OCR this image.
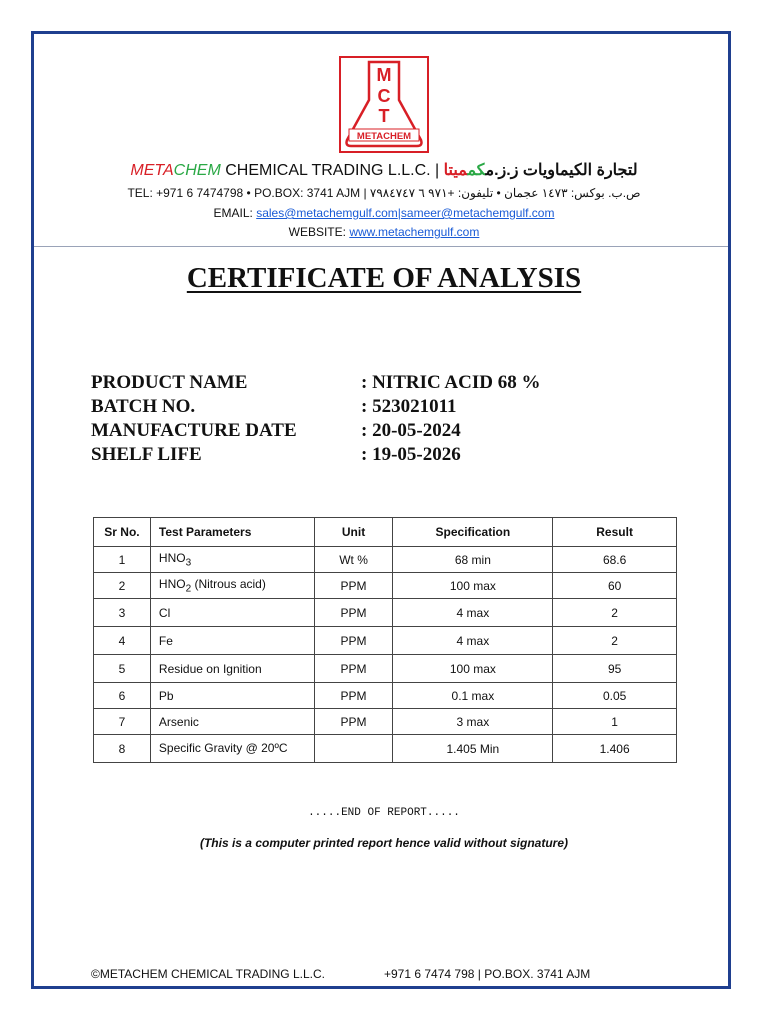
M
C
T
METACHEM
METACHEM CHEMICAL TRADING L.L.C. |	لتجارة الكيماويات ز.ز.مكمميتا
TEL: +971 6 7474798 • PO.BOX: 3741 AJM | ص.ب. بوكس: ١٤٧٣ عجمان • تليفون: +٩٧١ ٦ ٧٩٨٤٧٤٧
EMAIL: sales@metachemgulf.com|sameer@metachemgulf.com
WEBSITE: www.metachemgulf.com
CERTIFICATE OF ANALYSIS
PRODUCT NAME	: NITRIC ACID 68 %
BATCH NO.	: 523021011
MANUFACTURE DATE	: 20-05-2024
SHELF LIFE	: 19-05-2026
Sr No.	Test Parameters	Unit	Specification	Result
1	$HNO_3$	Wt %	68 min	68.6
2	$HNO_2$ (Nitrous acid)	PPM	100 max	60
3	Cl	PPM	4 max	2
4	Fe	PPM	4 max	2
5	Residue on Ignition	PPM	100 max	95
6	Pb	PPM	0.1 max	0.05
7	Arsenic	PPM	3 max	1
8	Specific Gravity @ 20ºC		1.405 Min	1.406
.....END OF REPORT.....
(This is a computer printed report hence valid without signature)
©METACHEM CHEMICAL TRADING L.L.C.	+971 6 7474 798 | PO.BOX. 3741 AJM
